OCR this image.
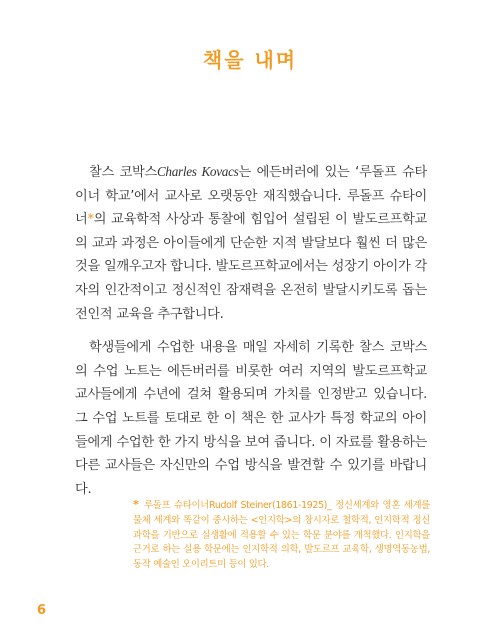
책을 내며

찰스 코박스Charles Kovacs는 에든버러에 있는 ‘루돌프 슈타이너 학교’에서 교사로 오랫동안 재직했습니다. 루돌프 슈타이너*의 교육학적 사상과 통찰에 힘입어 설립된 이 발도르프학교의 교과 과정은 아이들에게 단순한 지적 발달보다 훨씬 더 많은 것을 일깨우고자 합니다. 발도르프학교에서는 성장기 아이가 각자의 인간적이고 정신적인 잠재력을 온전히 발달시키도록 돕는 전인적 교육을 추구합니다.

학생들에게 수업한 내용을 매일 자세히 기록한 찰스 코박스의 수업 노트는 에든버러를 비롯한 여러 지역의 발도르프학교 교사들에게 수년에 걸쳐 활용되며 가치를 인정받고 있습니다. 그 수업 노트를 토대로 한 이 책은 한 교사가 특정 학교의 아이들에게 수업한 한 가지 방식을 보여 줍니다. 이 자료를 활용하는 다른 교사들은 자신만의 수업 방식을 발견할 수 있기를 바랍니다.

* 루돌프 슈타이너Rudolf Steiner(1861-1925)_ 정신세계와 영혼 세계를 물체 세계와 똑같이 중시하는 <인지학>의 창시자로 철학적, 인지학적 정신과학을 기반으로 실생활에 적용할 수 있는 학문 분야를 개척했다. 인지학을 근거로 하는 실용 학문에는 인지학적 의학, 발도르프 교육학, 생명역동농법, 동작 예술인 오이리트미 등이 있다.
6
